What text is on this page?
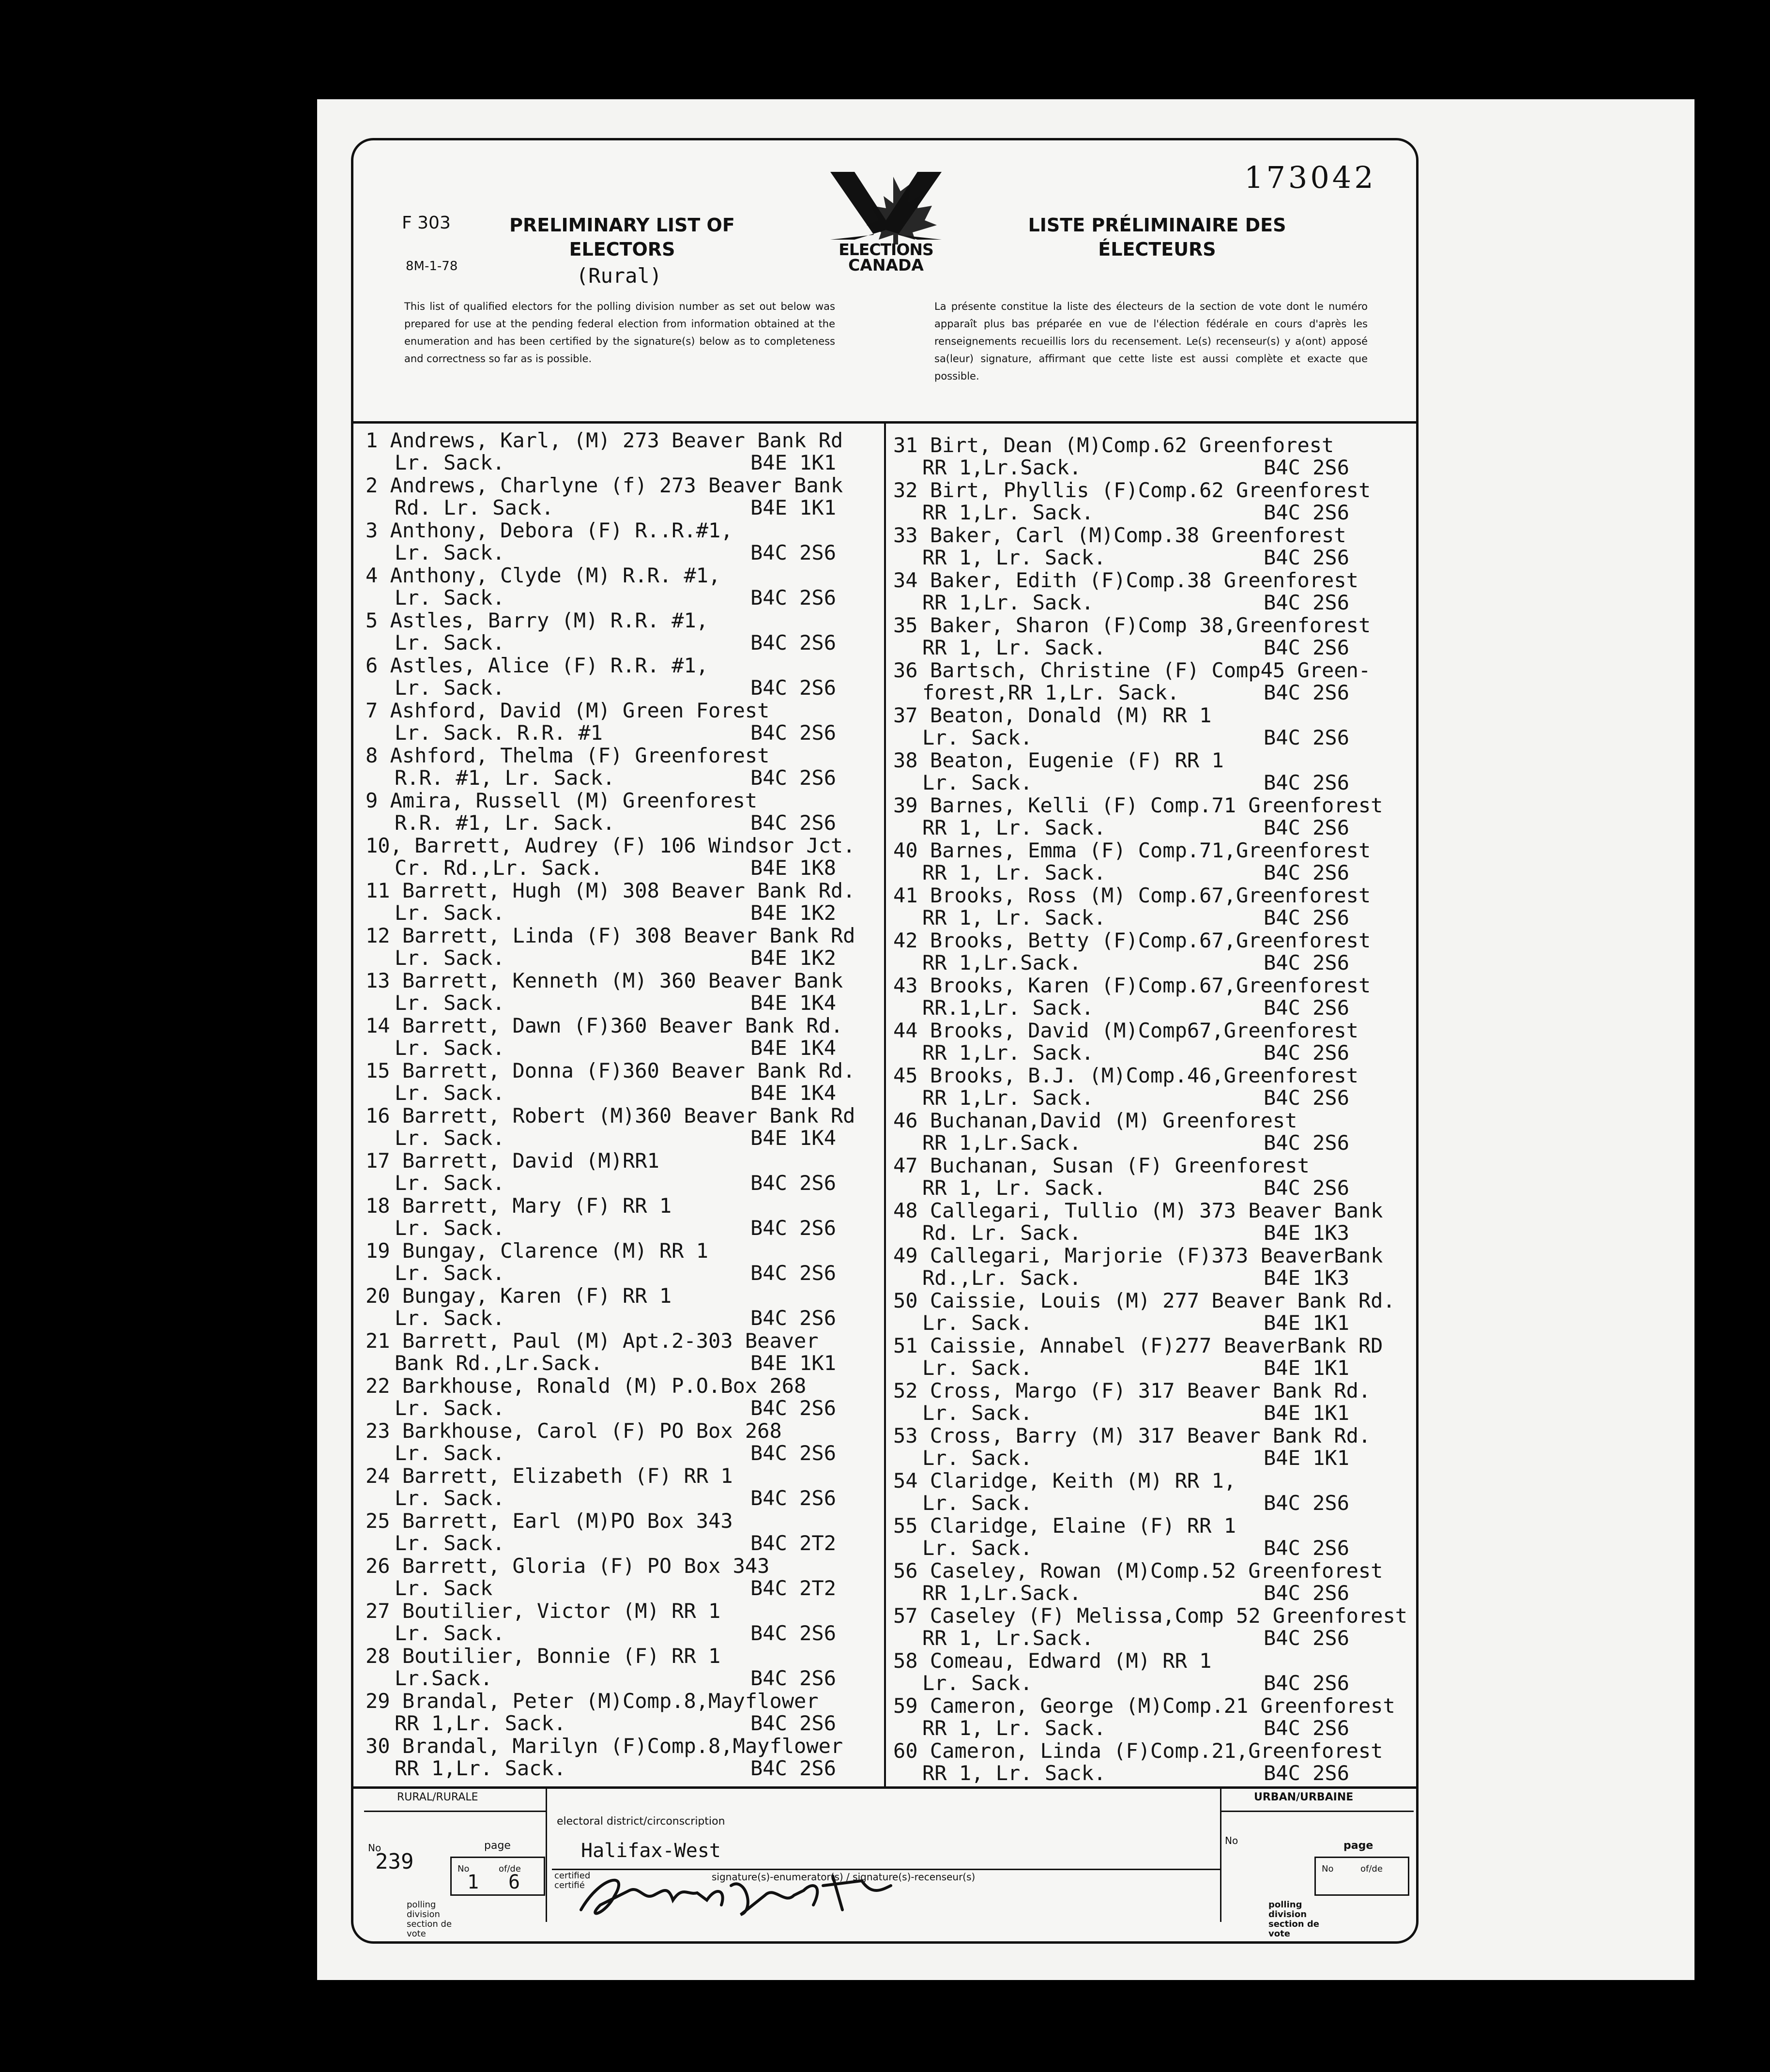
173042
F 303
8M-1-78
PRELIMINARY LIST OF ELECTORS
(Rural)
LISTE PRÉLIMINAIRE DES ÉLECTEURS
This list of qualified electors for the polling division number as set out below was prepared for use at the pending federal election from information obtained at the enumeration and has been certified by the signature(s) below as to completeness and correctness so far as is possible.
La présente constitue la liste des électeurs de la section de vote dont le numéro apparaît plus bas préparée en vue de l'élection fédérale en cours d'après les renseignements recueillis lors du recensement. Le(s) recenseur(s) y a(ont) apposé sa(leur) signature, affirmant que cette liste est aussi complète et exacte que possible.
ELECTIONS
CANADA
1 Andrews, Karl, (M) 273 Beaver Bank Rd
Lr. Sack.	B4E 1K1
2 Andrews, Charlyne (f) 273 Beaver Bank
Rd. Lr. Sack.	B4E 1K1
3 Anthony, Debora (F) R..R.#1,
Lr. Sack.	B4C 2S6
4 Anthony, Clyde (M) R.R. #1,
Lr. Sack.	B4C 2S6
5 Astles, Barry (M) R.R. #1,
Lr. Sack.	B4C 2S6
6 Astles, Alice (F) R.R. #1,
Lr. Sack.	B4C 2S6
7 Ashford, David (M) Green Forest
Lr. Sack. R.R. #1	B4C 2S6
8 Ashford, Thelma (F) Greenforest
R.R. #1, Lr. Sack.	B4C 2S6
9 Amira, Russell (M) Greenforest
R.R. #1, Lr. Sack.	B4C 2S6
10, Barrett, Audrey (F) 106 Windsor Jct.
Cr. Rd.,Lr. Sack.	B4E 1K8
11 Barrett, Hugh (M) 308 Beaver Bank Rd.
Lr. Sack.	B4E 1K2
12 Barrett, Linda (F) 308 Beaver Bank Rd
Lr. Sack.	B4E 1K2
13 Barrett, Kenneth (M) 360 Beaver Bank
Lr. Sack.	B4E 1K4
14 Barrett, Dawn (F)360 Beaver Bank Rd.
Lr. Sack.	B4E 1K4
15 Barrett, Donna (F)360 Beaver Bank Rd.
Lr. Sack.	B4E 1K4
16 Barrett, Robert (M)360 Beaver Bank Rd
Lr. Sack.	B4E 1K4
17 Barrett, David (M)RR1
Lr. Sack.	B4C 2S6
18 Barrett, Mary (F) RR 1
Lr. Sack.	B4C 2S6
19 Bungay, Clarence (M) RR 1
Lr. Sack.	B4C 2S6
20 Bungay, Karen (F) RR 1
Lr. Sack.	B4C 2S6
21 Barrett, Paul (M) Apt.2-303 Beaver
Bank Rd.,Lr.Sack.	B4E 1K1
22 Barkhouse, Ronald (M) P.O.Box 268
Lr. Sack.	B4C 2S6
23 Barkhouse, Carol (F) PO Box 268
Lr. Sack.	B4C 2S6
24 Barrett, Elizabeth (F) RR 1
Lr. Sack.	B4C 2S6
25 Barrett, Earl (M)PO Box 343
Lr. Sack.	B4C 2T2
26 Barrett, Gloria (F) PO Box 343
Lr. Sack	B4C 2T2
27 Boutilier, Victor (M) RR 1
Lr. Sack.	B4C 2S6
28 Boutilier, Bonnie (F) RR 1
Lr.Sack.	B4C 2S6
29 Brandal, Peter (M)Comp.8,Mayflower
RR 1,Lr. Sack.	B4C 2S6
30 Brandal, Marilyn (F)Comp.8,Mayflower
RR 1,Lr. Sack.	B4C 2S6
31 Birt, Dean (M)Comp.62 Greenforest
RR 1,Lr.Sack.	B4C 2S6
32 Birt, Phyllis (F)Comp.62 Greenforest
RR 1,Lr. Sack.	B4C 2S6
33 Baker, Carl (M)Comp.38 Greenforest
RR 1, Lr. Sack.	B4C 2S6
34 Baker, Edith (F)Comp.38 Greenforest
RR 1,Lr. Sack.	B4C 2S6
35 Baker, Sharon (F)Comp 38,Greenforest
RR 1, Lr. Sack.	B4C 2S6
36 Bartsch, Christine (F) Comp45 Green-
forest,RR 1,Lr. Sack.	B4C 2S6
37 Beaton, Donald (M) RR 1
Lr. Sack.	B4C 2S6
38 Beaton, Eugenie (F) RR 1
Lr. Sack.	B4C 2S6
39 Barnes, Kelli (F) Comp.71 Greenforest
RR 1, Lr. Sack.	B4C 2S6
40 Barnes, Emma (F) Comp.71,Greenforest
RR 1, Lr. Sack.	B4C 2S6
41 Brooks, Ross (M) Comp.67,Greenforest
RR 1, Lr. Sack.	B4C 2S6
42 Brooks, Betty (F)Comp.67,Greenforest
RR 1,Lr.Sack.	B4C 2S6
43 Brooks, Karen (F)Comp.67,Greenforest
RR.1,Lr. Sack.	B4C 2S6
44 Brooks, David (M)Comp67,Greenforest
RR 1,Lr. Sack.	B4C 2S6
45 Brooks, B.J. (M)Comp.46,Greenforest
RR 1,Lr. Sack.	B4C 2S6
46 Buchanan,David (M) Greenforest
RR 1,Lr.Sack.	B4C 2S6
47 Buchanan, Susan (F) Greenforest
RR 1, Lr. Sack.	B4C 2S6
48 Callegari, Tullio (M) 373 Beaver Bank
Rd. Lr. Sack.	B4E 1K3
49 Callegari, Marjorie (F)373 BeaverBank
Rd.,Lr. Sack.	B4E 1K3
50 Caissie, Louis (M) 277 Beaver Bank Rd.
Lr. Sack.	B4E 1K1
51 Caissie, Annabel (F)277 BeaverBank RD
Lr. Sack.	B4E 1K1
52 Cross, Margo (F) 317 Beaver Bank Rd.
Lr. Sack.	B4E 1K1
53 Cross, Barry (M) 317 Beaver Bank Rd.
Lr. Sack.	B4E 1K1
54 Claridge, Keith (M) RR 1,
Lr. Sack.	B4C 2S6
55 Claridge, Elaine (F) RR 1
Lr. Sack.	B4C 2S6
56 Caseley, Rowan (M)Comp.52 Greenforest
RR 1,Lr.Sack.	B4C 2S6
57 Caseley (F) Melissa,Comp 52 Greenforest
RR 1, Lr.Sack.	B4C 2S6
58 Comeau, Edward (M) RR 1
Lr. Sack.	B4C 2S6
59 Cameron, George (M)Comp.21 Greenforest
RR 1, Lr. Sack.	B4C 2S6
60 Cameron, Linda (F)Comp.21,Greenforest
RR 1, Lr. Sack.	B4C 2S6
RURAL/RURALE
No
239
page
No
1
of/de
6
polling division section de vote
electoral district/circonscription
Halifax-West
certified certifié
signature(s)-enumerator(s) / signature(s)-recenseur(s)
URBAN/URBAINE
No	page
No	of/de
polling division section de vote
